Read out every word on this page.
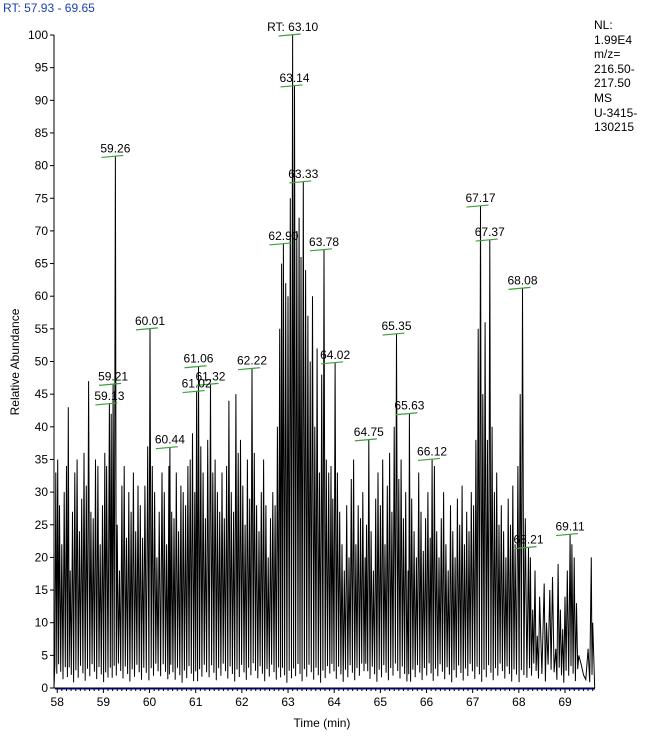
RT: 57.93 - 69.65
NL:
1.99E4
m/z=
216.50-
217.50
MS
U-3415-
130215
0
5
10
15
20
25
30
35
40
45
50
55
60
65
70
75
80
85
90
95
100
58	59	60	61	62	63	64	65	66	67	68	69
RT: 63.10
63.14
59.26
63.33
67.17
62.90	67.37
63.78
68.08
60.01	65.35
61.06	64.02
62.22
59.21	61.32
61.02
59.13
65.63
60.44
64.75
66.12
69.11
68.21
Time (min)
Relative Abundance
